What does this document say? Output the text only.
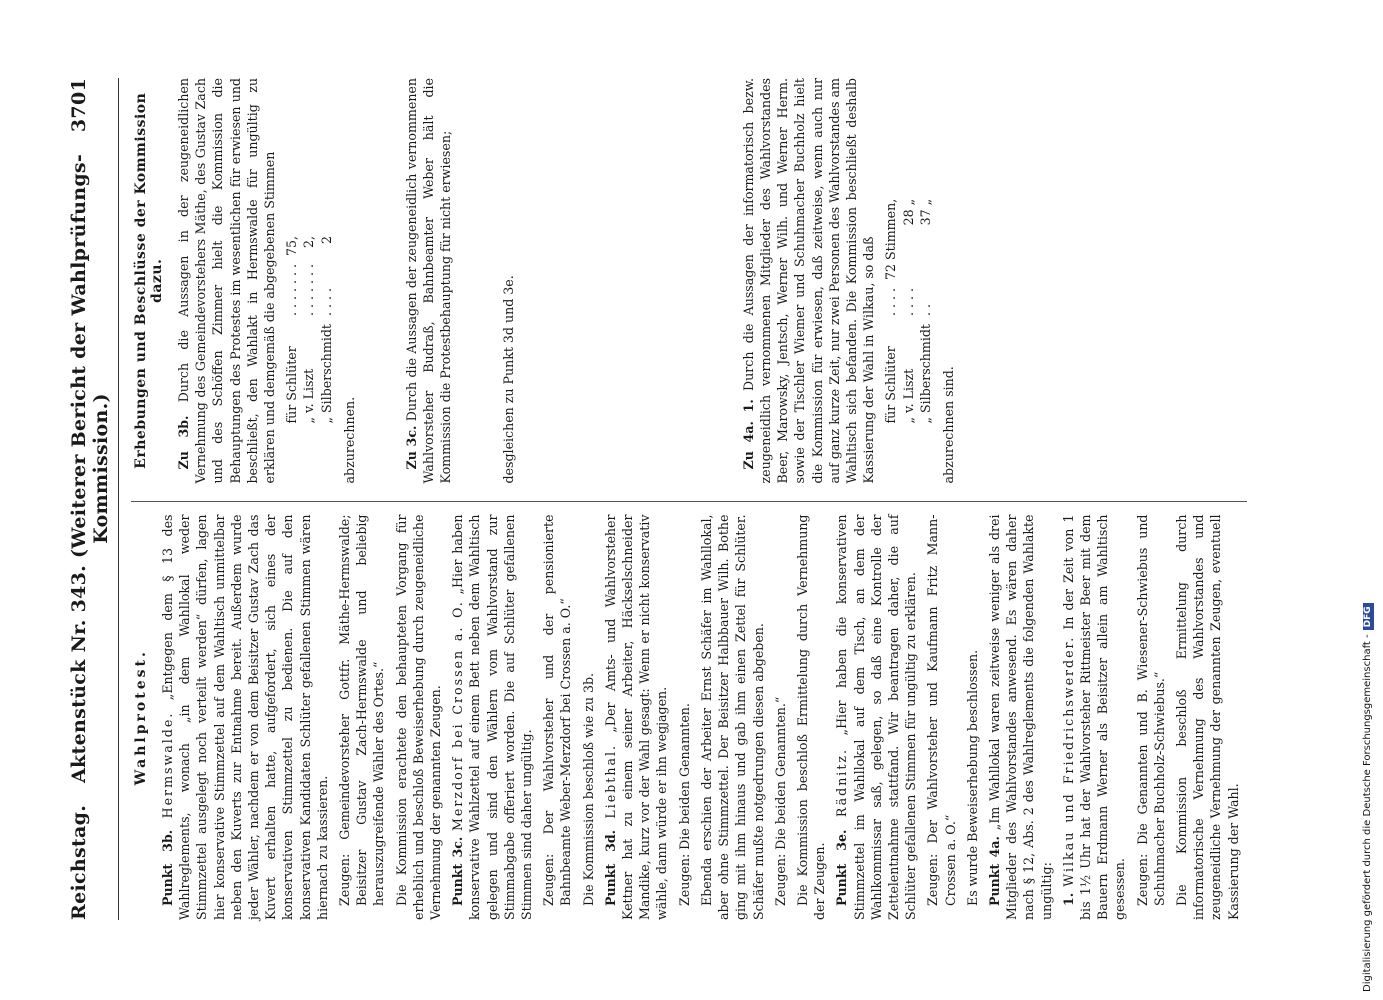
Reichstag.
Aktenstück Nr. 343. (Weiterer Bericht der Wahlprüfungs-Kommission.)
3701
Wahlprotest.

Punkt 3b. Hermswalde. „Entgegen dem § 13 des Wahlreglements, wonach „in dem Wahllokal weder Stimmzettel ausgelegt noch verteilt werden“ dürfen, lagen hier konservative Stimmzettel auf dem Wahltisch unmittelbar neben den Kuverts zur Entnahme bereit. Außerdem wurde jeder Wähler, nachdem er von dem Beisitzer Gustav Zach das Kuvert erhalten hatte, aufgefordert, sich eines der konservativen Stimmzettel zu bedienen. Die auf den konservativen Kandidaten Schlüter gefallenen Stimmen wären hiernach zu kassieren. Zeugen: Gemeindevorsteher Gottfr. Mäthe-Hermswalde; Beisitzer Gustav Zach-Hermswalde und beliebig herauszugreifende Wähler des Ortes.“ Die Kommission erachtete den behaupteten Vorgang für erheblich und beschloß Beweiserhebung durch zeugeneidliche Vernehmung der genannten Zeugen. Punkt 3c. Merzdorf bei Crossen a. O. „Hier haben konservative Wahlzettel auf einem Bett neben dem Wahltisch gelegen und sind den Wählern vom Wahlvorstand zur Stimmabgabe offeriert worden. Die auf Schlüter gefallenen Stimmen sind daher ungültig. Zeugen: Der Wahlvorsteher und der pensionierte Bahnbeamte Weber-Merzdorf bei Crossen a. O.“ Die Kommission beschloß wie zu 3b. Punkt 3d. Liebthal. „Der Amts- und Wahlvorsteher Kettner hat zu einem seiner Arbeiter, Häckselschneider Mandike, kurz vor der Wahl gesagt: Wenn er nicht konservativ wähle, dann würde er ihn wegjagen. Zeugen: Die beiden Genannten. Ebenda erschien der Arbeiter Ernst Schäfer im Wahllokal, aber ohne Stimmzettel. Der Beisitzer Halbbauer Wilh. Bothe ging mit ihm hinaus und gab ihm einen Zettel für Schlüter. Schäfer mußte notgedrungen diesen abgeben. Zeugen: Die beiden Genannten.“ Die Kommission beschloß Ermittelung durch Vernehmung der Zeugen. Punkt 3e. Rädnitz. „Hier haben die konservativen Stimmzettel im Wahllokal auf dem Tisch, an dem der Wahlkommissar saß, gelegen, so daß eine Kontrolle der Zettelentnahme stattfand. Wir beantragen daher, die auf Schlüter gefallenen Stimmen für ungültig zu erklären. Zeugen: Der Wahlvorsteher und Kaufmann Fritz Mann-Crossen a. O.“ Es wurde Beweiserhebung beschlossen. Punkt 4a. „Im Wahllokal waren zeitweise weniger als drei Mitglieder des Wahlvorstandes anwesend. Es wären daher nach § 12, Abs. 2 des Wahlreglements die folgenden Wahlakte ungültig: 1. Wilkau und Friedrichswerder. In der Zeit von 1 bis 1½ Uhr hat der Wahlvorsteher Rittmeister Beer mit dem Bauern Erdmann Werner als Beisitzer allein am Wahltisch gesessen. Zeugen: Die Genannten und B. Wiesener-Schwiebus und Schuhmacher Buchholz-Schwiebus.“ Die Kommission beschloß Ermittelung durch informatorische Vernehmung des Wahlvorstandes und zeugeneidliche Vernehmung der genannten Zeugen, eventuell Kassierung der Wahl.

Erhebungen und Beschlüsse der Kommission dazu.

Zu 3b. Durch die Aussagen in der zeugeneidlichen Vernehmung des Gemeindevorstehers Mäthe, des Gustav Zach und des Schöffen Zimmer hielt die Kommission die Behauptungen des Protestes im wesentlichen für erwiesen und beschließt, den Wahlakt in Hermswalde für ungültig zu erklären und demgemäß die abgegebenen Stimmen für Schlüter	. . . . . . .	75,
„ v. Liszt	. . . . . . .	2,
„ Silberschmidt	. . . .	2

abzurechnen.	Zu 3c. Durch die Aussagen der zeugeneidlich vernommenen Wahlvorsteher Budraß, Bahnbeamter Weber hält die Kommission die Protestbehauptung für nicht erwiesen;	desgleichen zu Punkt 3d und 3e.	Zu 4a. 1. Durch die Aussagen der informatorisch bezw. zeugeneidlich vernommenen Mitglieder des Wahlvorstandes Beer, Marowsky, Jentsch, Werner Wilh. und Werner Herm. sowie der Tischler Wiemer und Schuhmacher Buchholz hielt die Kommission für erwiesen, daß zeitweise, wenn auch nur auf ganz kurze Zeit, nur zwei Personen des Wahlvorstandes am Wahltisch sich befanden. Die Kommission beschließt deshalb Kassierung der Wahl in Wilkau, so daß für Schlüter	. . . .	72 Stimmen,
„ v. Liszt	. . . .	28 „
„ Silberschmidt	. .	37 „

abzurechnen sind.

Digitalisierung gefördert durch die Deutsche Forschungsgemeinschaft -
DFG
